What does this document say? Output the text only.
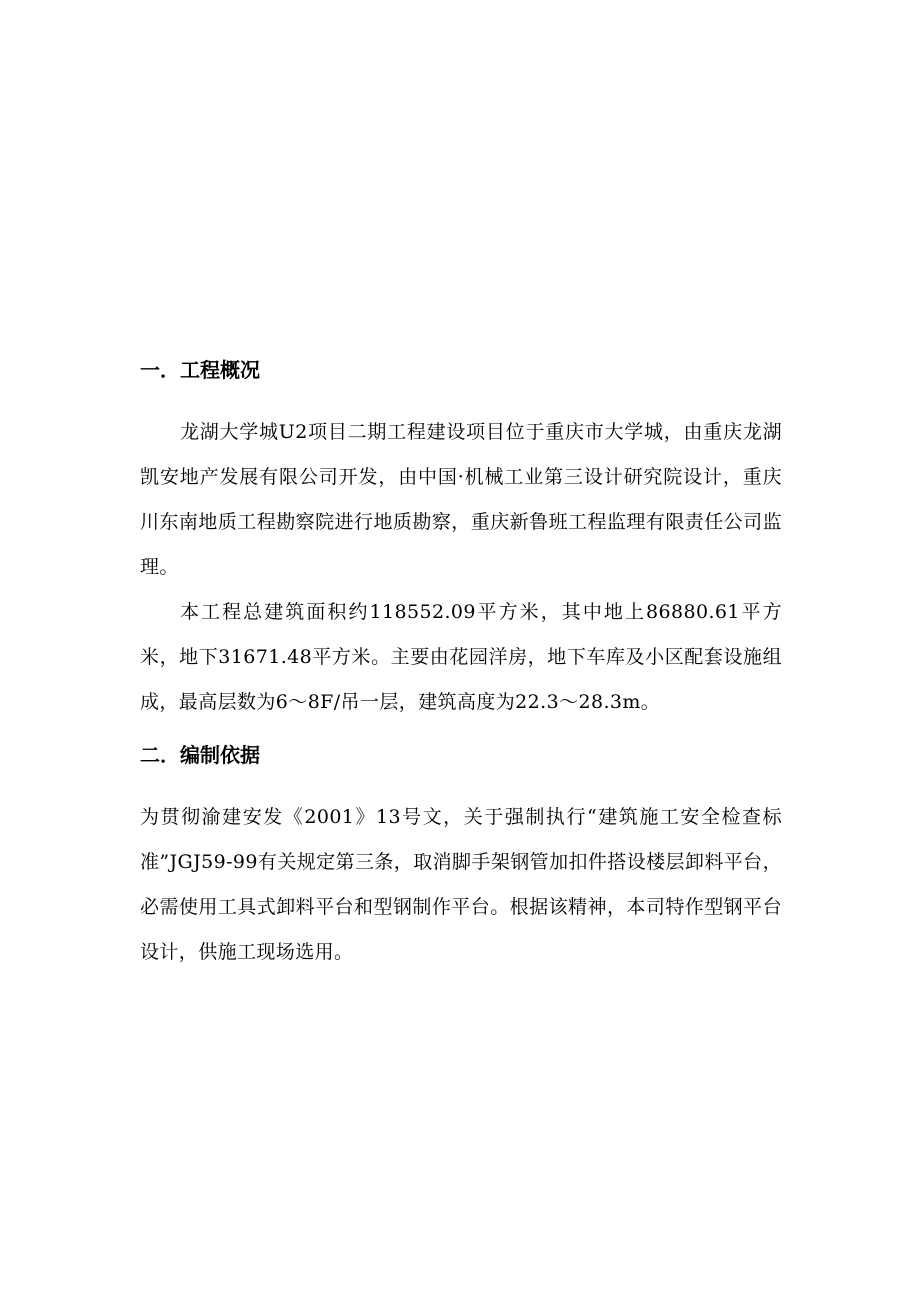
一．工程概况

龙湖大学城U2项目二期工程建设项目位于重庆市大学城，由重庆龙湖凯安地产发展有限公司开发，由中国·机械工业第三设计研究院设计，重庆川东南地质工程勘察院进行地质勘察，重庆新鲁班工程监理有限责任公司监理。

本工程总建筑面积约118552.09平方米，其中地上86880.61平方米，地下31671.48平方米。主要由花园洋房，地下车库及小区配套设施组成，最高层数为6～8F/吊一层，建筑高度为22.3～28.3m。

二．编制依据

为贯彻渝建安发《2001》13号文，关于强制执行“建筑施工安全检查标准”JGJ59-99有关规定第三条，取消脚手架钢管加扣件搭设楼层卸料平台，必需使用工具式卸料平台和型钢制作平台。根据该精神，本司特作型钢平台设计，供施工现场选用。
